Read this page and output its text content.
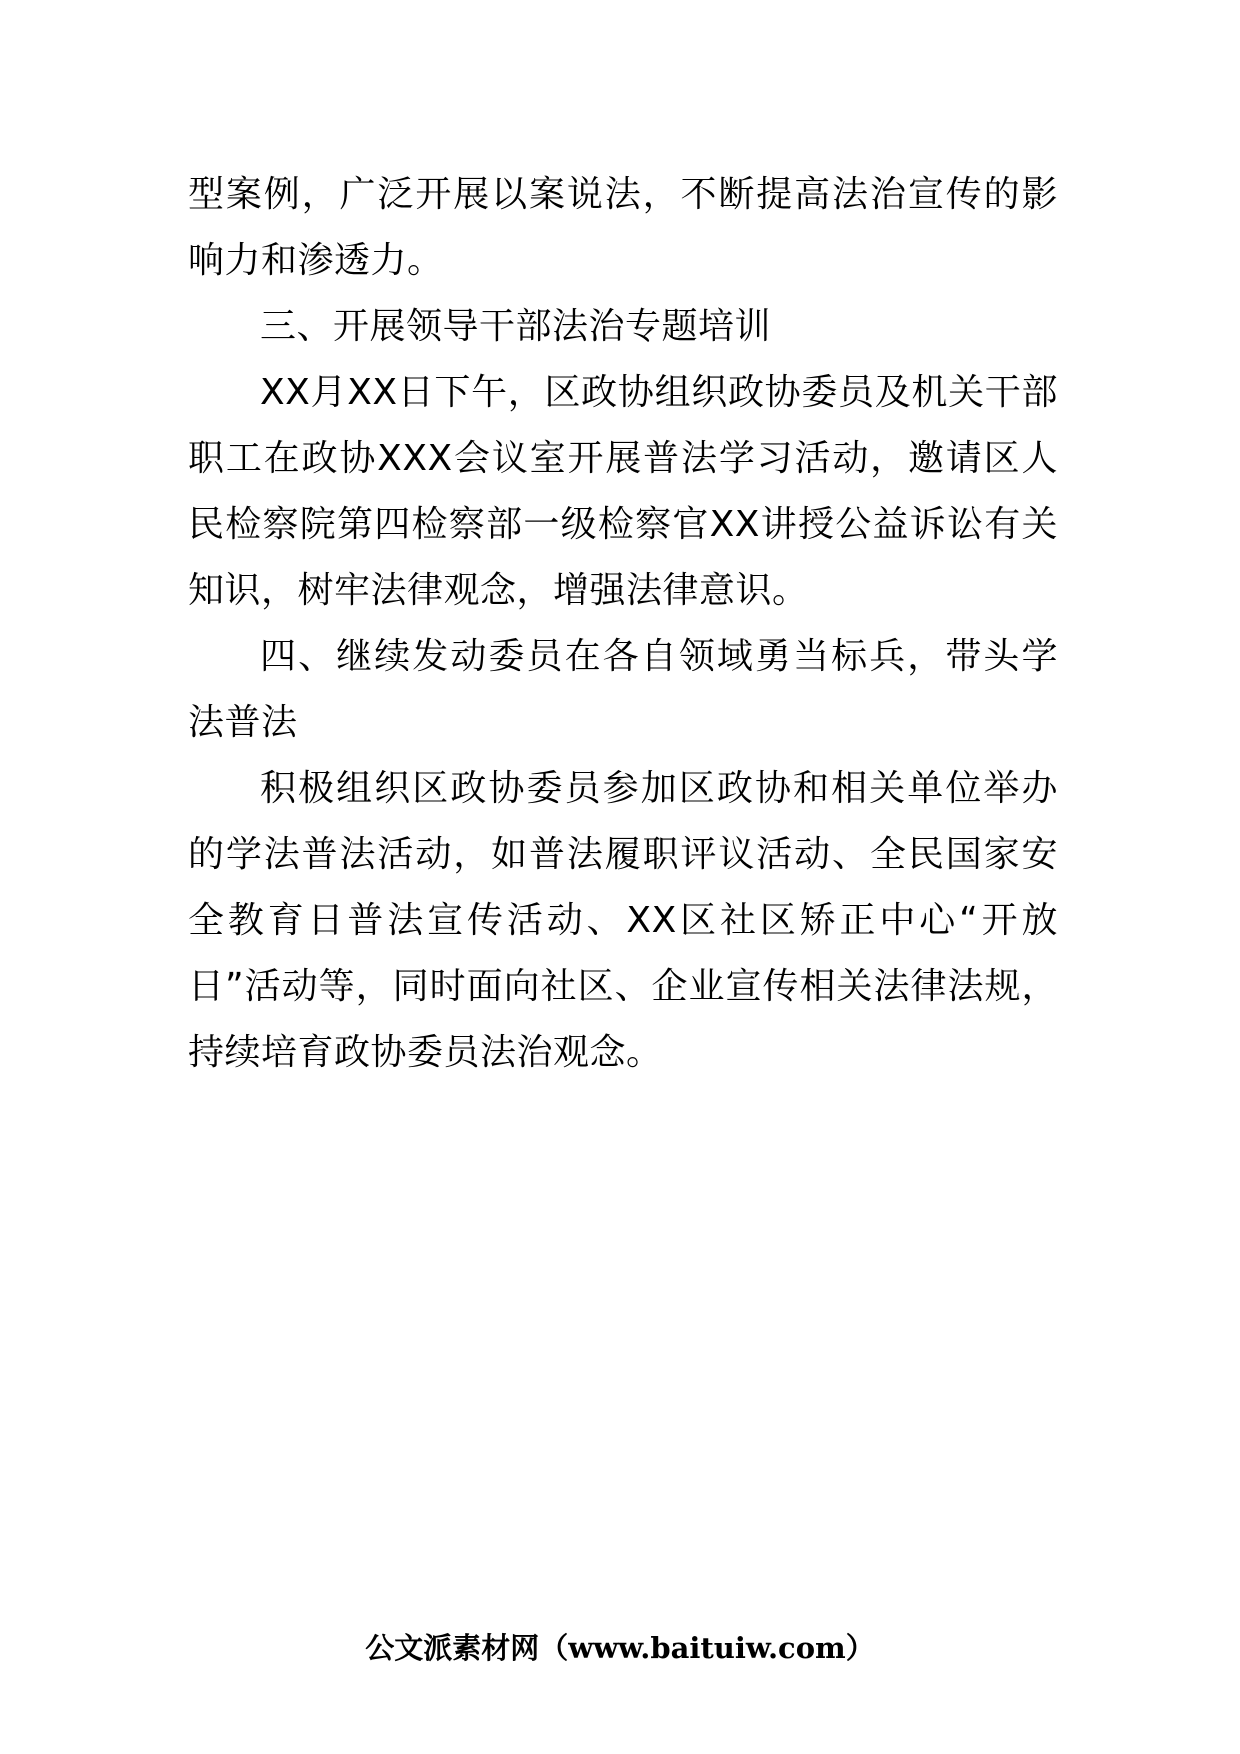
型案例，广泛开展以案说法，不断提高法治宣传的影响力和渗透力。

三、开展领导干部法治专题培训

XX月XX日下午，区政协组织政协委员及机关干部职工在政协XXX会议室开展普法学习活动，邀请区人民检察院第四检察部一级检察官XX讲授公益诉讼有关知识，树牢法律观念，增强法律意识。

四、继续发动委员在各自领域勇当标兵，带头学法普法

积极组织区政协委员参加区政协和相关单位举办的学法普法活动，如普法履职评议活动、全民国家安全教育日普法宣传活动、XX区社区矫正中心“开放日”活动等，同时面向社区、企业宣传相关法律法规，持续培育政协委员法治观念。

公文派素材网（www.baituiw.com）
